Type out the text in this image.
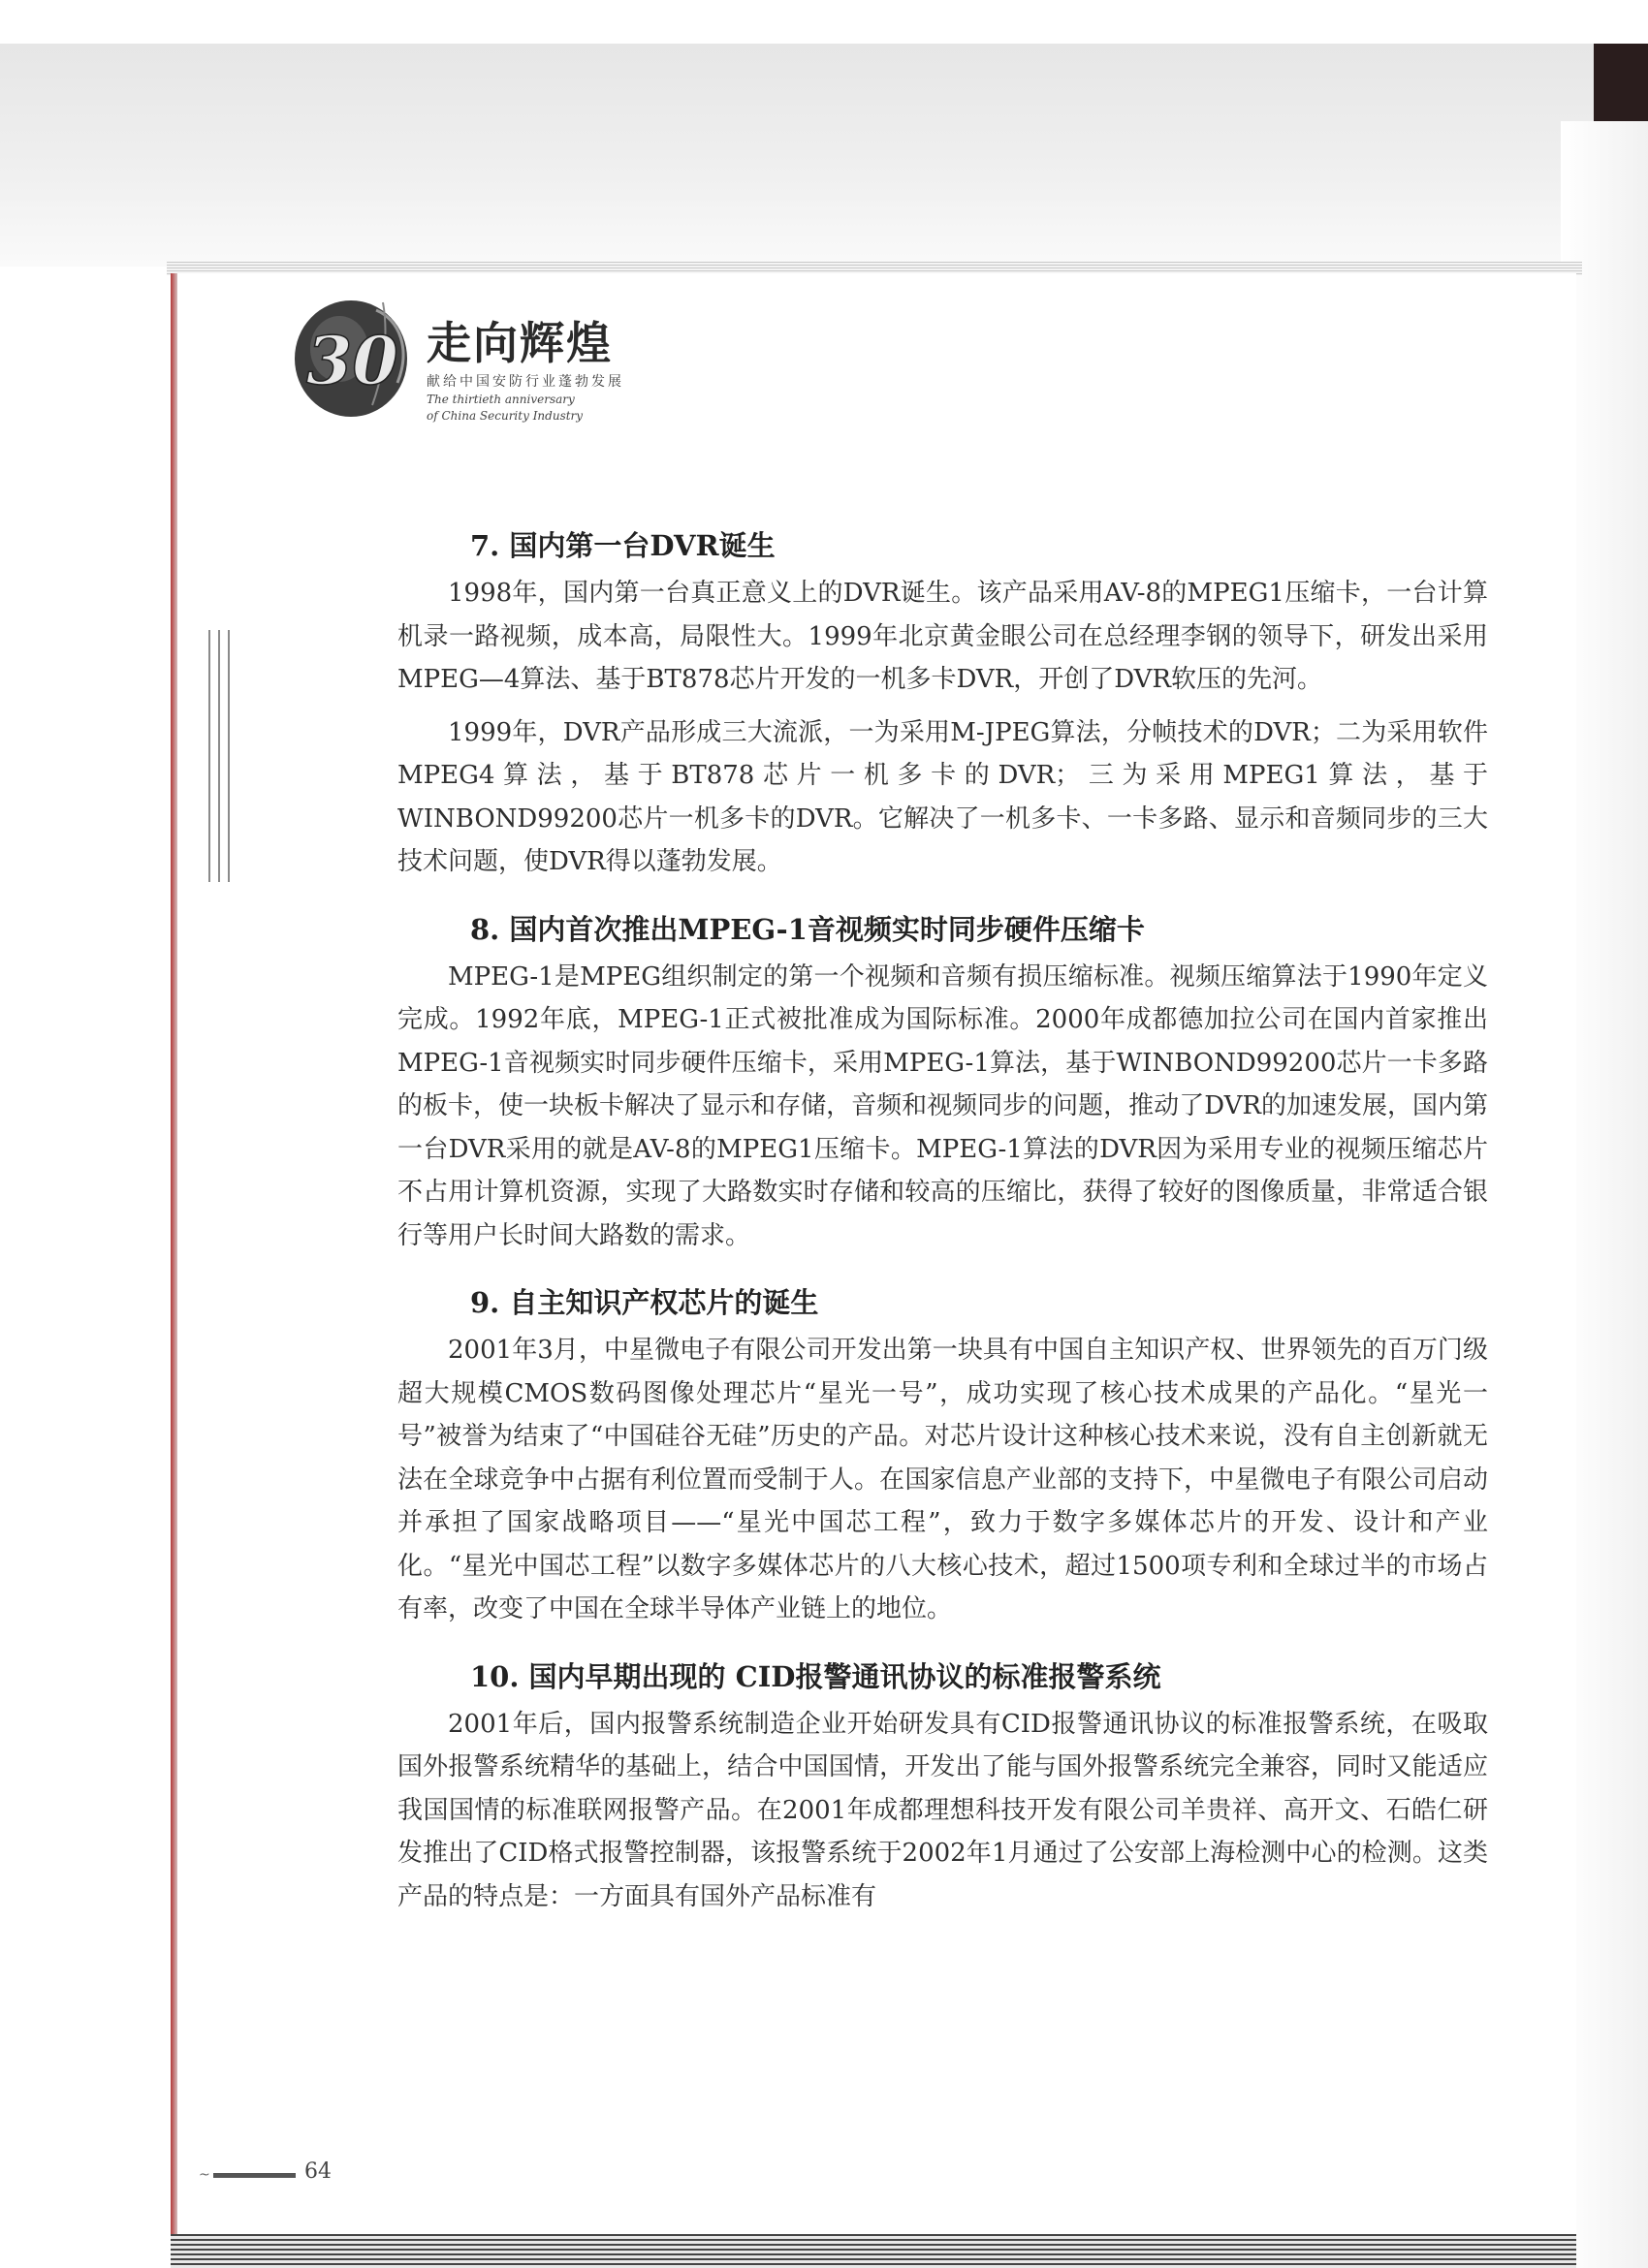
30 走向辉煌
献给中国安防行业蓬勃发展
The thirtieth anniversary
of China Security Industry
7. 国内第一台DVR诞生

1998年，国内第一台真正意义上的DVR诞生。该产品采用AV-8的MPEG1压缩卡，一台计算机录一路视频，成本高，局限性大。1999年北京黄金眼公司在总经理李钢的领导下，研发出采用MPEG—4算法、基于BT878芯片开发的一机多卡DVR，开创了DVR软压的先河。

1999年，DVR产品形成三大流派，一为采用M-JPEG算法，分帧技术的DVR；二为采用软件MPEG4算法，基于BT878芯片一机多卡的DVR；三为采用MPEG1算法，基于WINBOND99200芯片一机多卡的DVR。它解决了一机多卡、一卡多路、显示和音频同步的三大技术问题，使DVR得以蓬勃发展。

8. 国内首次推出MPEG-1音视频实时同步硬件压缩卡

MPEG-1是MPEG组织制定的第一个视频和音频有损压缩标准。视频压缩算法于1990年定义完成。1992年底，MPEG-1正式被批准成为国际标准。2000年成都德加拉公司在国内首家推出MPEG-1音视频实时同步硬件压缩卡，采用MPEG-1算法，基于WINBOND99200芯片一卡多路的板卡，使一块板卡解决了显示和存储，音频和视频同步的问题，推动了DVR的加速发展，国内第一台DVR采用的就是AV-8的MPEG1压缩卡。MPEG-1算法的DVR因为采用专业的视频压缩芯片不占用计算机资源，实现了大路数实时存储和较高的压缩比，获得了较好的图像质量，非常适合银行等用户长时间大路数的需求。

9. 自主知识产权芯片的诞生

2001年3月，中星微电子有限公司开发出第一块具有中国自主知识产权、世界领先的百万门级超大规模CMOS数码图像处理芯片“星光一号”，成功实现了核心技术成果的产品化。“星光一号”被誉为结束了“中国硅谷无硅”历史的产品。对芯片设计这种核心技术来说，没有自主创新就无法在全球竞争中占据有利位置而受制于人。在国家信息产业部的支持下，中星微电子有限公司启动并承担了国家战略项目——“星光中国芯工程”，致力于数字多媒体芯片的开发、设计和产业化。“星光中国芯工程”以数字多媒体芯片的八大核心技术，超过1500项专利和全球过半的市场占有率，改变了中国在全球半导体产业链上的地位。

10. 国内早期出现的 CID报警通讯协议的标准报警系统

2001年后，国内报警系统制造企业开始研发具有CID报警通讯协议的标准报警系统，在吸取国外报警系统精华的基础上，结合中国国情，开发出了能与国外报警系统完全兼容，同时又能适应我国国情的标准联网报警产品。在2001年成都理想科技开发有限公司羊贵祥、高开文、石皓仁研发推出了CID格式报警控制器，该报警系统于2002年1月通过了公安部上海检测中心的检测。这类产品的特点是：一方面具有国外产品标准有

~	64
